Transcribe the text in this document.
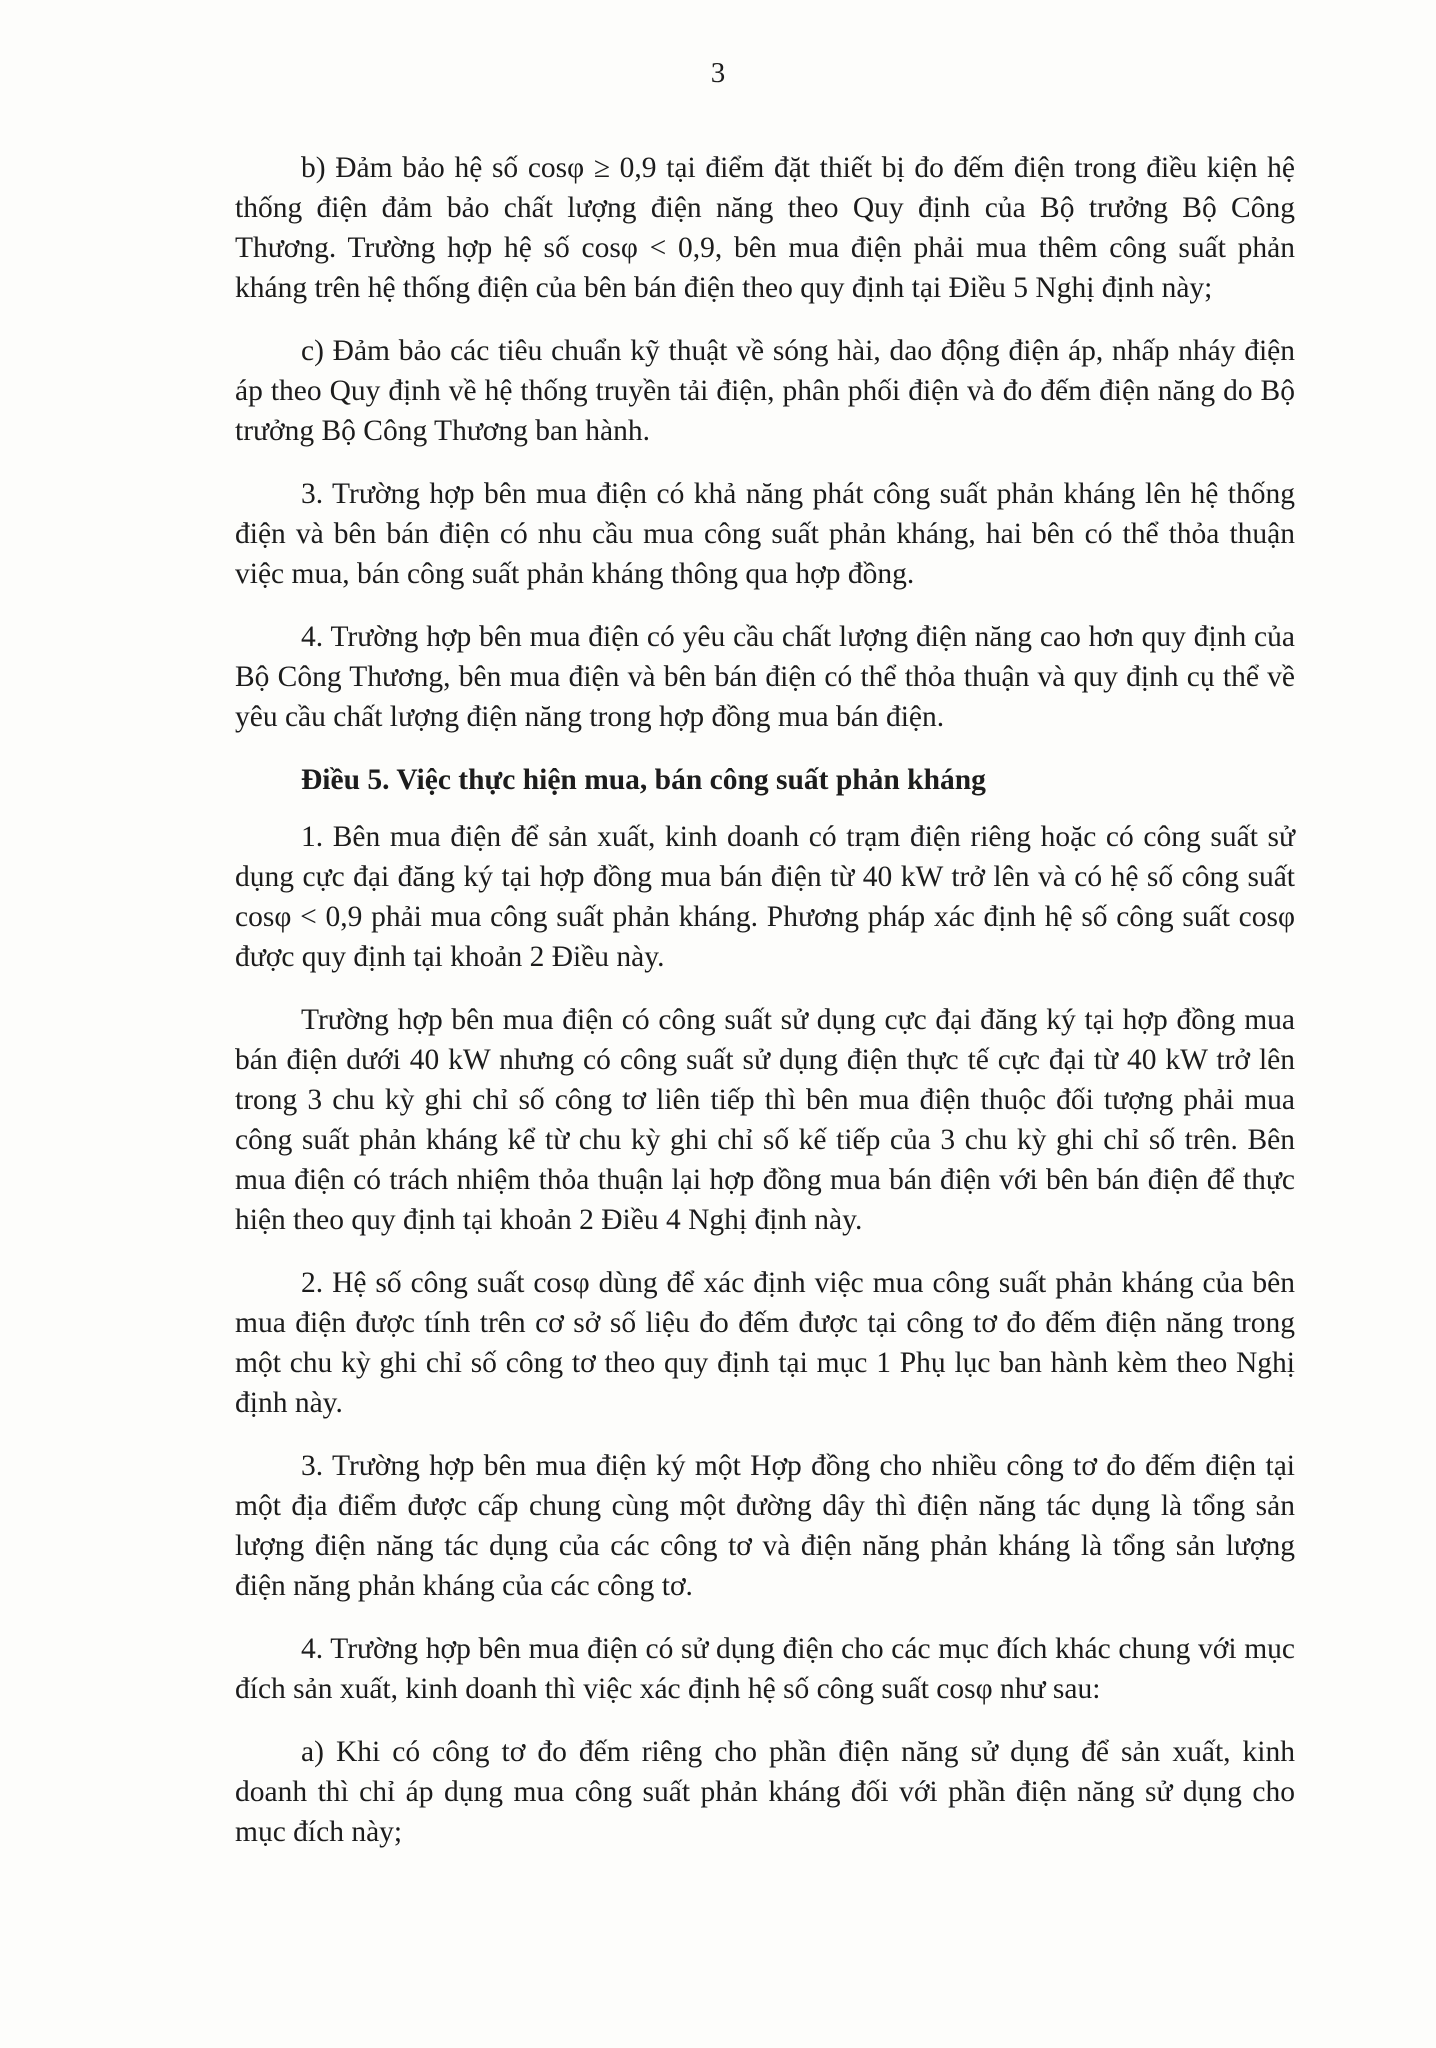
3

b) Đảm bảo hệ số cosφ ≥ 0,9 tại điểm đặt thiết bị đo đếm điện trong điều kiện hệ thống điện đảm bảo chất lượng điện năng theo Quy định của Bộ trưởng Bộ Công Thương. Trường hợp hệ số cosφ < 0,9, bên mua điện phải mua thêm công suất phản kháng trên hệ thống điện của bên bán điện theo quy định tại Điều 5 Nghị định này;

c) Đảm bảo các tiêu chuẩn kỹ thuật về sóng hài, dao động điện áp, nhấp nháy điện áp theo Quy định về hệ thống truyền tải điện, phân phối điện và đo đếm điện năng do Bộ trưởng Bộ Công Thương ban hành.

3. Trường hợp bên mua điện có khả năng phát công suất phản kháng lên hệ thống điện và bên bán điện có nhu cầu mua công suất phản kháng, hai bên có thể thỏa thuận việc mua, bán công suất phản kháng thông qua hợp đồng.

4. Trường hợp bên mua điện có yêu cầu chất lượng điện năng cao hơn quy định của Bộ Công Thương, bên mua điện và bên bán điện có thể thỏa thuận và quy định cụ thể về yêu cầu chất lượng điện năng trong hợp đồng mua bán điện.

Điều 5. Việc thực hiện mua, bán công suất phản kháng

1. Bên mua điện để sản xuất, kinh doanh có trạm điện riêng hoặc có công suất sử dụng cực đại đăng ký tại hợp đồng mua bán điện từ 40 kW trở lên và có hệ số công suất cosφ < 0,9 phải mua công suất phản kháng. Phương pháp xác định hệ số công suất cosφ được quy định tại khoản 2 Điều này.

Trường hợp bên mua điện có công suất sử dụng cực đại đăng ký tại hợp đồng mua bán điện dưới 40 kW nhưng có công suất sử dụng điện thực tế cực đại từ 40 kW trở lên trong 3 chu kỳ ghi chỉ số công tơ liên tiếp thì bên mua điện thuộc đối tượng phải mua công suất phản kháng kể từ chu kỳ ghi chỉ số kế tiếp của 3 chu kỳ ghi chỉ số trên. Bên mua điện có trách nhiệm thỏa thuận lại hợp đồng mua bán điện với bên bán điện để thực hiện theo quy định tại khoản 2 Điều 4 Nghị định này.

2. Hệ số công suất cosφ dùng để xác định việc mua công suất phản kháng của bên mua điện được tính trên cơ sở số liệu đo đếm được tại công tơ đo đếm điện năng trong một chu kỳ ghi chỉ số công tơ theo quy định tại mục 1 Phụ lục ban hành kèm theo Nghị định này.

3. Trường hợp bên mua điện ký một Hợp đồng cho nhiều công tơ đo đếm điện tại một địa điểm được cấp chung cùng một đường dây thì điện năng tác dụng là tổng sản lượng điện năng tác dụng của các công tơ và điện năng phản kháng là tổng sản lượng điện năng phản kháng của các công tơ.

4. Trường hợp bên mua điện có sử dụng điện cho các mục đích khác chung với mục đích sản xuất, kinh doanh thì việc xác định hệ số công suất cosφ như sau:

a) Khi có công tơ đo đếm riêng cho phần điện năng sử dụng để sản xuất, kinh doanh thì chỉ áp dụng mua công suất phản kháng đối với phần điện năng sử dụng cho mục đích này;
